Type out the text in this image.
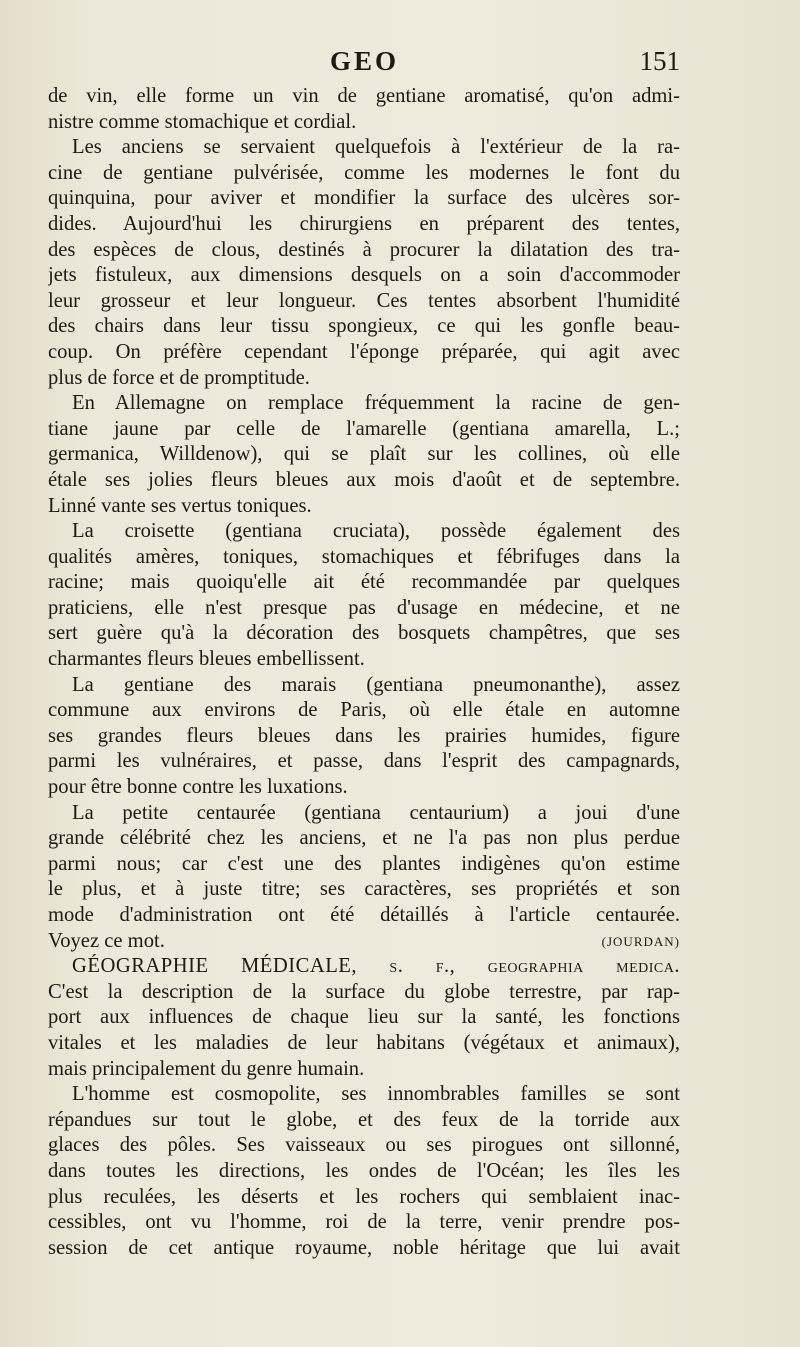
GEO	151
de vin, elle forme un vin de gentiane aromatisé, qu'on admi-
nistre comme stomachique et cordial.
Les anciens se servaient quelquefois à l'extérieur de la ra-
cine de gentiane pulvérisée, comme les modernes le font du
quinquina, pour aviver et mondifier la surface des ulcères sor-
dides. Aujourd'hui les chirurgiens en préparent des tentes,
des espèces de clous, destinés à procurer la dilatation des tra-
jets fistuleux, aux dimensions desquels on a soin d'accommoder
leur grosseur et leur longueur. Ces tentes absorbent l'humidité
des chairs dans leur tissu spongieux, ce qui les gonfle beau-
coup. On préfère cependant l'éponge préparée, qui agit avec
plus de force et de promptitude.
En Allemagne on remplace fréquemment la racine de gen-
tiane jaune par celle de l'amarelle (gentiana amarella, L.;
germanica, Willdenow), qui se plaît sur les collines, où elle
étale ses jolies fleurs bleues aux mois d'août et de septembre.
Linné vante ses vertus toniques.
La croisette (gentiana cruciata), possède également des
qualités amères, toniques, stomachiques et fébrifuges dans la
racine; mais quoiqu'elle ait été recommandée par quelques
praticiens, elle n'est presque pas d'usage en médecine, et ne
sert guère qu'à la décoration des bosquets champêtres, que ses
charmantes fleurs bleues embellissent.
La gentiane des marais (gentiana pneumonanthe), assez
commune aux environs de Paris, où elle étale en automne
ses grandes fleurs bleues dans les prairies humides, figure
parmi les vulnéraires, et passe, dans l'esprit des campagnards,
pour être bonne contre les luxations.
La petite centaurée (gentiana centaurium) a joui d'une
grande célébrité chez les anciens, et ne l'a pas non plus perdue
parmi nous; car c'est une des plantes indigènes qu'on estime
le plus, et à juste titre; ses caractères, ses propriétés et son
mode d'administration ont été détaillés à l'article centaurée.
Voyez ce mot.	(JOURDAN)
GÉOGRAPHIE MÉDICALE, s. f., geographia medica.
C'est la description de la surface du globe terrestre, par rap-
port aux influences de chaque lieu sur la santé, les fonctions
vitales et les maladies de leur habitans (végétaux et animaux),
mais principalement du genre humain.
L'homme est cosmopolite, ses innombrables familles se sont
répandues sur tout le globe, et des feux de la torride aux
glaces des pôles. Ses vaisseaux ou ses pirogues ont sillonné,
dans toutes les directions, les ondes de l'Océan; les îles les
plus reculées, les déserts et les rochers qui semblaient inac-
cessibles, ont vu l'homme, roi de la terre, venir prendre pos-
session de cet antique royaume, noble héritage que lui avait
